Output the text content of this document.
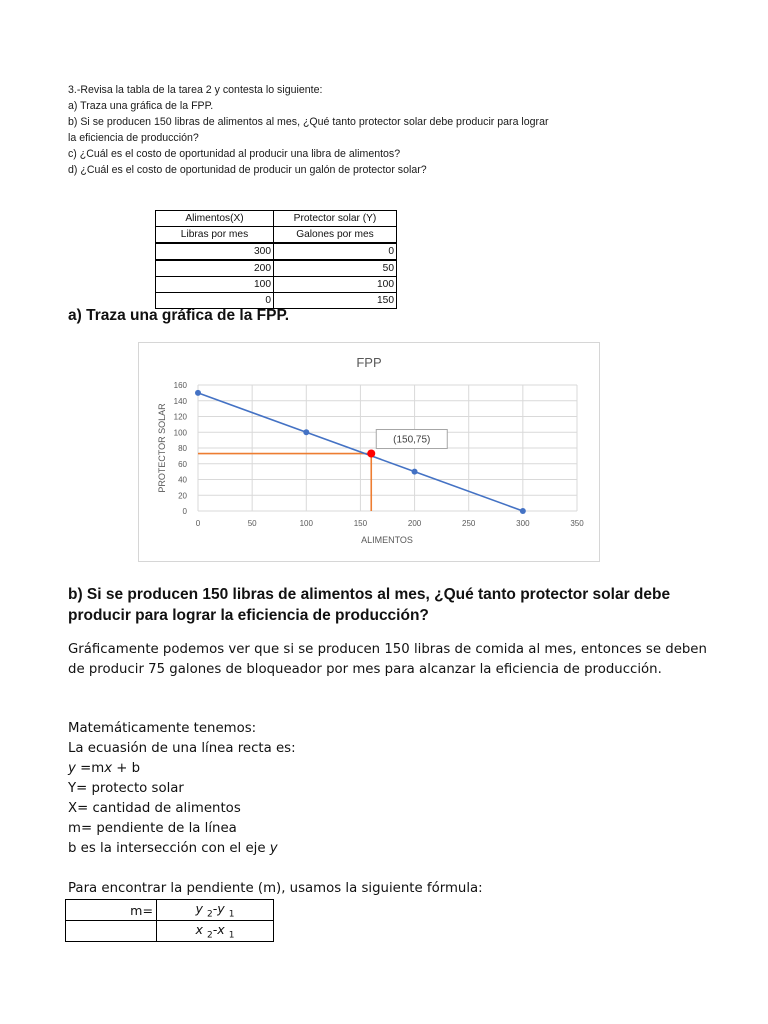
3.-Revisa la tabla de la tarea 2 y contesta lo siguiente:

a) Traza una gráfica de la FPP.

b) Si se producen 150 libras de alimentos al mes, ¿Qué tanto protector solar debe producir para lograr

la eficiencia de producción?

c) ¿Cuál es el costo de oportunidad al producir una libra de alimentos?

d) ¿Cuál es el costo de oportunidad de producir un galón de protector solar?

Alimentos(X)	Protector solar (Y)
Libras por mes	Galones por mes
300	0
200	50
100	100
0	150
a) Traza una gráfica de la FPP.
FPP
0
20
40
60
80
100
120
140
160
0	50	100	150	200	250	300	350
ALIMENTOS
PROTECTOR SOLAR	(150,75)
b) Si se producen 150 libras de alimentos al mes, ¿Qué tanto protector solar debe producir para lograr la eficiencia de producción?

Gráficamente podemos ver que si se producen 150 libras de comida al mes, entonces se deben de producir 75 galones de bloqueador por mes para alcanzar la eficiencia de producción.

Matemáticamente tenemos:

La ecuasión de una línea recta es:

y =mx + b

Y= protecto solar

X= cantidad de alimentos

m= pendiente de la línea

b es la intersección con el eje y

Para encontrar la pendiente (m), usamos la siguiente fórmula:

m=	y $_2$-y $_1$
	x $_2$-x $_1$
